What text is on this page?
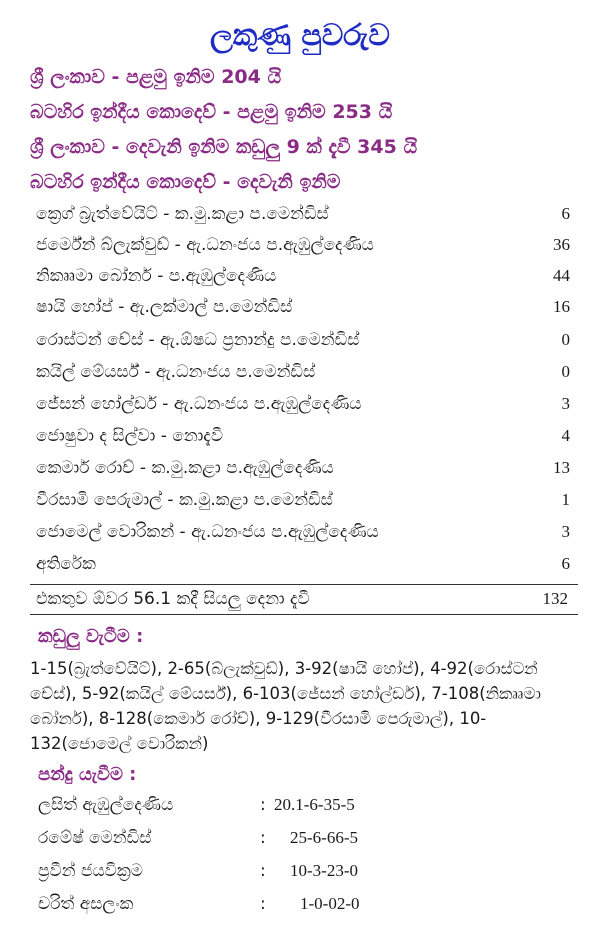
ලකුණු පුවරුව
ශ්‍රී ලංකාව - පළමු ඉනිම 204 යි
බටහිර ඉන්දීය කොදෙව් - පළමු ඉනිම 253 යි
ශ්‍රී ලංකාව - දෙවැනි ඉනිම කඩුලු 9 ක් දැවී 345 යි
බටහිර ඉන්දීය කොදෙව් - දෙවැනි ඉනිම
ක්‍රෙග් බ්‍රැත්වේයිට් - ක.මු.කළා ප.මෙන්ඩිස්	6
ජර්මේන් බ්ලැක්වුඩ් - ඇ.ධනංජය ප.ඇඹුල්දෙණිය	36
නිකෲමා බෝනර් - ප.ඇඹුල්දෙණිය	44
ෂායි හෝප් - ඇ.ලක්මාල් ප.මෙන්ඩිස්	16
රොස්ටන් චේස් - ඇ.ඕෂධ ප්‍රනාන්දු ප.මෙන්ඩිස්	0
කයිල් මේයර්ස් - ඇ.ධනංජය ප.මෙන්ඩිස්	0
ජේසන් හෝල්ඩර් - ඇ.ධනංජය ප.ඇඹුල්දෙණිය	3
ජොෂුවා ද සිල්වා - නොදැවී	4
කෙමාර් රොච් - ක.මු.කළා ප.ඇඹුල්දෙණිය	13
වීරසාමි පෙරුමාල් - ක.මු.කළා ප.මෙන්ඩිස්	1
ජොමෙල් වොරිකන් - ඇ.ධනංජය ප.ඇඹුල්දෙණිය	3
අතිරේක	6
එකතුව ඕවර 56.1 කදී සියලු දෙනා දැවී	132
කඩුලු වැටීම :
1-15(බ්‍රැත්වේයිට්), 2-65(බ්ලැක්වුඩ්), 3-92(ෂායි හෝප්), 4-92(රොස්ටන් චේස්), 5-92(කයිල් මේයර්ස්), 6-103(ජේසන් හෝල්ඩර්), 7-108(නිකෲමා බෝනර්), 8-128(කෙමාර් රෝච්), 9-129(වීරසාමි පෙරුමාල්), 10-132(ජොමෙල් වොරිකන්)
පන්දු යැවීම :
ලසිත් ඇඹුල්දෙණිය	: 20.1-6-35-5
රමේෂ් මෙන්ඩිස්	: 25-6-66-5
ප්‍රවීන් ජයවික්‍රම	: 10-3-23-0
චරිත් අසලංක	: 1-0-02-0
